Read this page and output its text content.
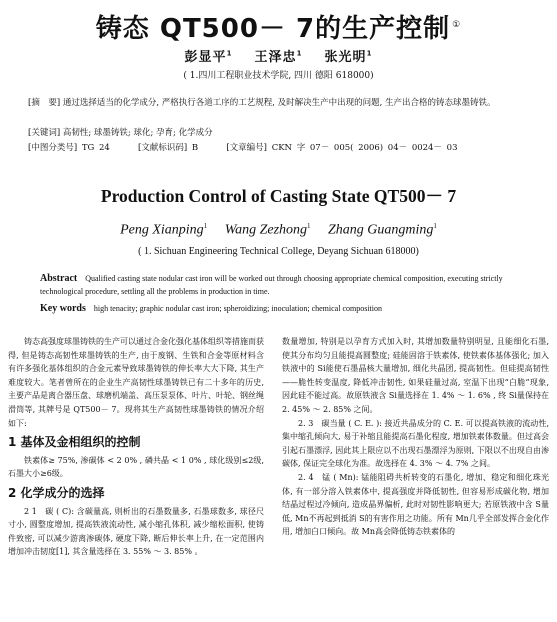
铸态 QT500－ 7的生产控制 ①
彭显平$^1$ 王泽忠$^1$ 张光明$^1$
( 1.四川工程职业技术学院, 四川 德阳 618000)
[摘　要] 通过选择适当的化学成分, 严格执行各道工序的工艺规程, 及时解决生产中出现的问题, 生产出合格的铸态球墨铸铁。
[关键词] 高韧性; 球墨铸铁; 球化; 孕育; 化学成分
[中图分类号] TG 24	[文献标识码] B	[文章编号] CKN 字 07－ 005( 2006) 04－ 0024－ 03
Production Control of Casting State QT500－ 7
Peng Xianping$^1$ Wang Zezhong$^1$ Zhang Guangming$^1$
( 1. Sichuan Engineering Technical College, Deyang Sichuan 618000)
Abstract Qualified casting state nodular cast iron will be worked out through choosing appropriate chemical composition, executing strictly technological procedure, settling all the problems in production in time.
Key words high tenacity; graphic nodular cast iron; spheroidizing; inoculation; chemical composition

铸态高强度球墨铸铁的生产可以通过合金化强化基体组织等措施而获得, 但是铸态高韧性球墨铸铁的生产, 由于废钢、生铁和合金等原材料含有许多强化基体组织的合金元素导致球墨铸铁的伸长率大大下降, 其生产难度较大。笔者曾所在的企业生产高韧性球墨铸铁已有二十多年的历史, 主要产品是离合器压盘、球磨机端盖、高压泵泵体、叶片、叶轮、钢丝绳滑筒等, 其牌号是 QT500－ 7。现将其生产高韧性球墨铸铁的情况介绍如下:

1 基体及金相组织的控制

铁素体≥ 75%, 渗碳体 < 2 0% , 磷共晶 < 1 0% , 球化级别≤2级, 石墨大小≥6级。

2 化学成分的选择

2 1　碳 ( C): 含碳量高, 则析出的石墨数量多, 石墨球数多, 球径尺寸小, 圆整度增加, 提高铁液流动性, 减小缩孔体积, 减少缩松面积, 使铸件致密, 可以减少游离渗碳体, 硬度下降, 断后伸长率上升, 在一定范围内增加冲击韧度[1], 其含量选择在 3. 55% ～ 3. 85% 。

数量增加, 特别是以孕育方式加入时, 其增加数量特别明显, 且能细化石墨, 使其分布均匀且能提高圆整度; 硅能固溶于铁素体, 使铁素体基体强化; 加入铁液中的 Si能使石墨晶核大量增加, 细化共晶团, 提高韧性。但硅提高韧性 ——脆性转变温度, 降低冲击韧性, 如果硅量过高, 室温下出现“白脆”现象, 因此硅不能过高。故原铁液含 Si量选择在 1. 4% ～ 1. 6% , 终 Si量保持在 2. 45% ～ 2. 85% 之间。

2. 3　碳当量 ( C. E. ): 接近共晶成分的 C. E. 可以提高铁液的流动性, 集中缩孔倾向大, 易于补缩且能提高石墨化程度, 增加铁素体数量。但过高会引起石墨漂浮, 因此其上限应以不出现石墨漂浮为原则, 下限以不出现自由渗碳体, 保证完全球化为准。故选择在 4. 3% ～ 4. 7% 之间。

2. 4　锰 ( Mn): 锰能阻碍共析转变的石墨化, 增加、稳定和细化珠光体, 有一部分溶入铁素体中, 提高强度并降低韧性, 但容易形成碳化物, 增加结晶过程过冷倾向, 造成晶界偏析, 此时对韧性影响更大; 若原铁液中含 S量低, Mn不再起到抵消 S的有害作用之功能。所有 Mn几乎全部发挥合金化作用, 增加白口倾向。故 Mn高会降低铸态铁素体的
